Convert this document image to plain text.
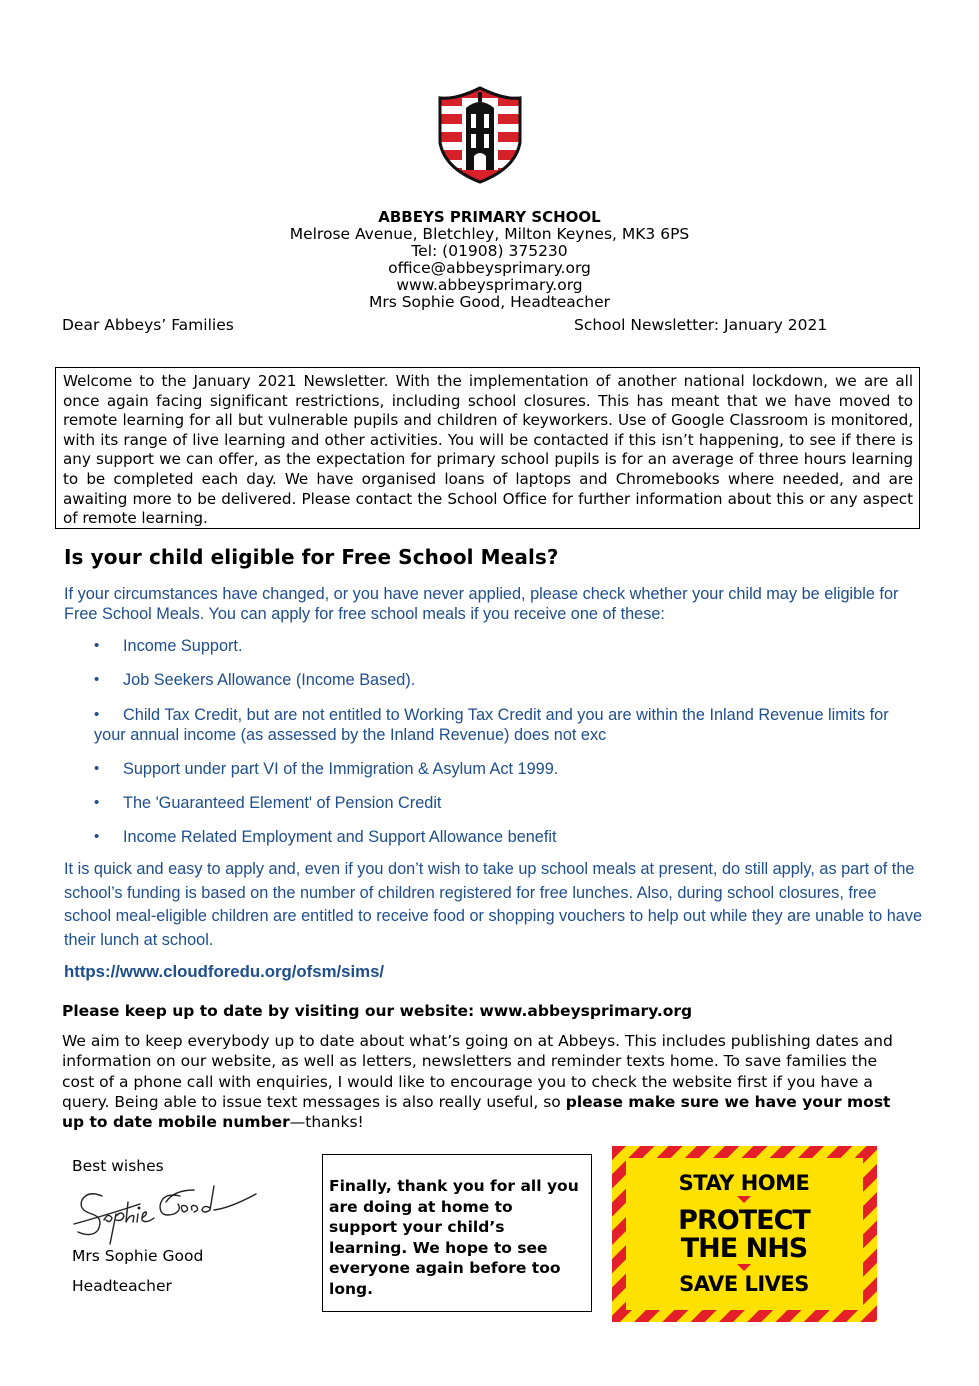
ABBEYS PRIMARY SCHOOL
Melrose Avenue, Bletchley, Milton Keynes, MK3 6PS
Tel: (01908) 375230
office@abbeysprimary.org
www.abbeysprimary.org
Mrs Sophie Good, Headteacher
Dear Abbeys’ Families	School Newsletter: January 2021
Welcome to the January 2021 Newsletter. With the implementation of another national lockdown, we are all once again facing significant restrictions, including school closures. This has meant that we have moved to remote learning for all but vulnerable pupils and children of keyworkers. Use of Google Classroom is monitored, with its range of live learning and other activities. You will be contacted if this isn’t happening, to see if there is any support we can offer, as the expectation for primary school pupils is for an average of three hours learning to be completed each day. We have organised loans of laptops and Chromebooks where needed, and are awaiting more to be delivered. Please contact the School Office for further information about this or any aspect of remote learning.
Is your child eligible for Free School Meals?
If your circumstances have changed, or you have never applied, please check whether your child may be eligible for Free School Meals. You can apply for free school meals if you receive one of these:
•	Income Support.
•	Job Seekers Allowance (Income Based).
•	Child Tax Credit, but are not entitled to Working Tax Credit and you are within the Inland Revenue limits for your annual income (as assessed by the Inland Revenue) does not exc
•	Support under part VI of the Immigration & Asylum Act 1999.
•	The 'Guaranteed Element' of Pension Credit
•	Income Related Employment and Support Allowance benefit
It is quick and easy to apply and, even if you don’t wish to take up school meals at present, do still apply, as part of the school’s funding is based on the number of children registered for free lunches. Also, during school closures, free school meal-eligible children are entitled to receive food or shopping vouchers to help out while they are unable to have their lunch at school.
https://www.cloudforedu.org/ofsm/sims/
Please keep up to date by visiting our website: www.abbeysprimary.org
We aim to keep everybody up to date about what’s going on at Abbeys. This includes publishing dates and information on our website, as well as letters, newsletters and reminder texts home. To save families the cost of a phone call with enquiries, I would like to encourage you to check the website first if you have a query. Being able to issue text messages is also really useful, so please make sure we have your most up to date mobile number—thanks!
Best wishes
Mrs Sophie Good
Headteacher
Finally, thank you for all you are doing at home to support your child’s learning. We hope to see everyone again before too long.
STAY HOME
PROTECT
THE NHS
SAVE LIVES
